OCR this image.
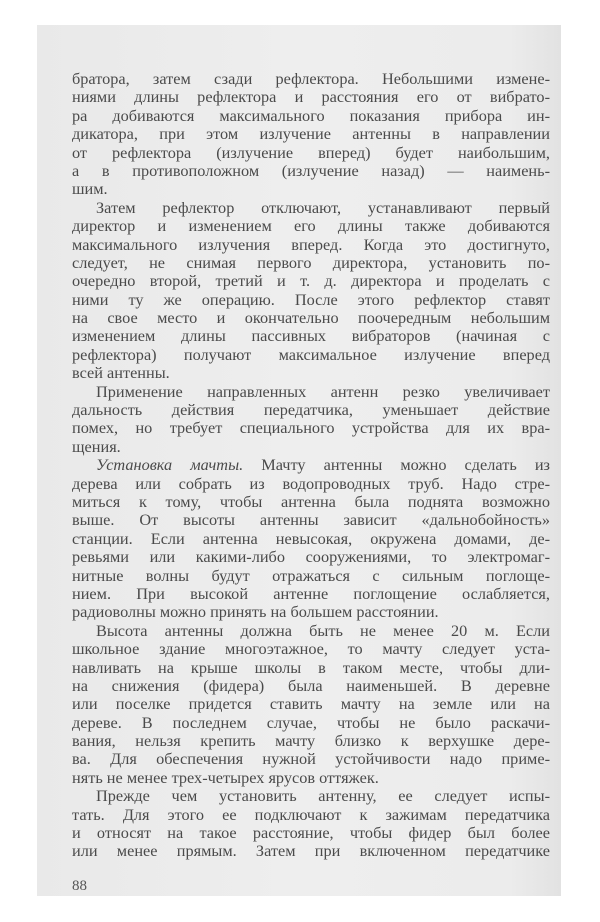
братора, затем сзади рефлектора. Небольшими измене-
ниями длины рефлектора и расстояния его от вибрато-
ра добиваются максимального показания прибора ин-
дикатора, при этом излучение антенны в направлении
от рефлектора (излучение вперед) будет наибольшим,
а в противоположном (излучение назад) — наимень-
шим.
Затем рефлектор отключают, устанавливают первый
директор и изменением его длины также добиваются
максимального излучения вперед. Когда это достигнуто,
следует, не снимая первого директора, установить по-
очередно второй, третий и т. д. директора и проделать с
ними ту же операцию. После этого рефлектор ставят
на свое место и окончательно поочередным небольшим
изменением длины пассивных вибраторов (начиная с
рефлектора) получают максимальное излучение вперед
всей антенны.
Применение направленных антенн резко увеличивает
дальность действия передатчика, уменьшает действие
помех, но требует специального устройства для их вра-
щения.
Установка мачты. Мачту антенны можно сделать из
дерева или собрать из водопроводных труб. Надо стре-
миться к тому, чтобы антенна была поднята возможно
выше. От высоты антенны зависит «дальнобойность»
станции. Если антенна невысокая, окружена домами, де-
ревьями или какими-либо сооружениями, то электромаг-
нитные волны будут отражаться с сильным поглоще-
нием. При высокой антенне поглощение ослабляется,
радиоволны можно принять на большем расстоянии.
Высота антенны должна быть не менее 20 м. Если
школьное здание многоэтажное, то мачту следует уста-
навливать на крыше школы в таком месте, чтобы дли-
на снижения (фидера) была наименьшей. В деревне
или поселке придется ставить мачту на земле или на
дереве. В последнем случае, чтобы не было раскачи-
вания, нельзя крепить мачту близко к верхушке дере-
ва. Для обеспечения нужной устойчивости надо приме-
нять не менее трех-четырех ярусов оттяжек.
Прежде чем установить антенну, ее следует испы-
тать. Для этого ее подключают к зажимам передатчика
и относят на такое расстояние, чтобы фидер был более
или менее прямым. Затем при включенном передатчике
88
